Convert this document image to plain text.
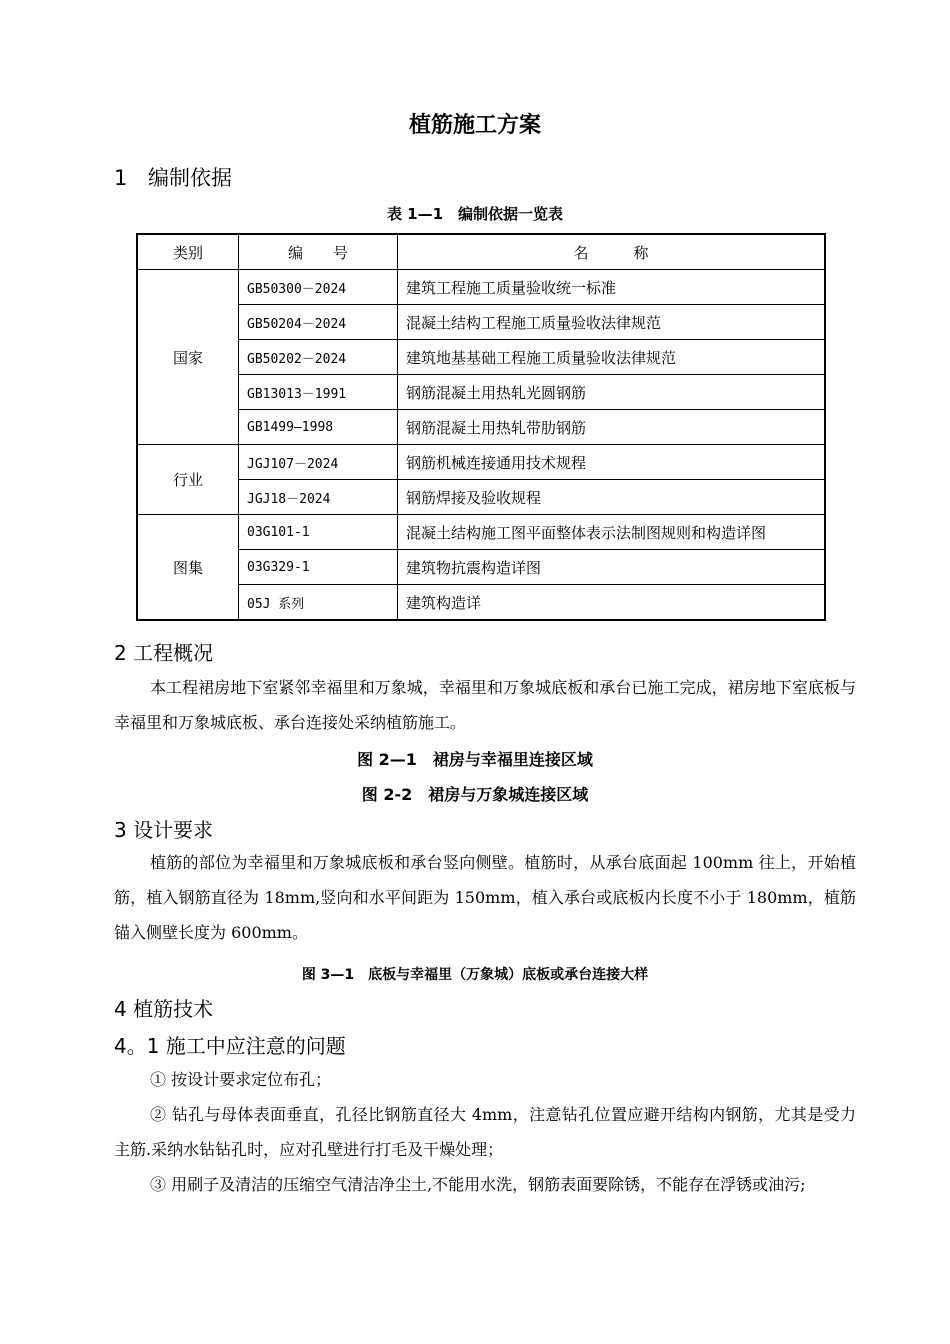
植筋施工方案
1 编制依据
表 1—1　编制依据一览表
类别	编　　号	名　　　称
国家	GB50300－2024	建筑工程施工质量验收统一标准
	GB50204－2024	混凝土结构工程施工质量验收法律规范
	GB50202－2024	建筑地基基础工程施工质量验收法律规范
	GB13013－1991	钢筋混凝土用热轧光圆钢筋
	GB1499—1998	钢筋混凝土用热轧带肋钢筋
行业	JGJ107－2024	钢筋机械连接通用技术规程
	JGJ18－2024	钢筋焊接及验收规程
图集	03G101-1	混凝土结构施工图平面整体表示法制图规则和构造详图
	03G329-1	建筑物抗震构造详图
	05J 系列	建筑构造详
2 工程概况
本工程裙房地下室紧邻幸福里和万象城，幸福里和万象城底板和承台已施工完成，裙房地下室底板与幸福里和万象城底板、承台连接处采纳植筋施工。
图 2—1　裙房与幸福里连接区域
图 2-2　裙房与万象城连接区域
3 设计要求
植筋的部位为幸福里和万象城底板和承台竖向侧壁。植筋时，从承台底面起 100mm 往上，开始植筋，植入钢筋直径为 18mm,竖向和水平间距为 150mm，植入承台或底板内长度不小于 180mm，植筋锚入侧壁长度为 600mm。
图 3—1　底板与幸福里（万象城）底板或承台连接大样
4 植筋技术
4。1 施工中应注意的问题
① 按设计要求定位布孔；
② 钻孔与母体表面垂直，孔径比钢筋直径大 4mm，注意钻孔位置应避开结构内钢筋，尤其是受力主筋.采纳水钻钻孔时，应对孔壁进行打毛及干燥处理；
③ 用刷子及清洁的压缩空气清洁净尘土,不能用水洗，钢筋表面要除锈，不能存在浮锈或油污;
